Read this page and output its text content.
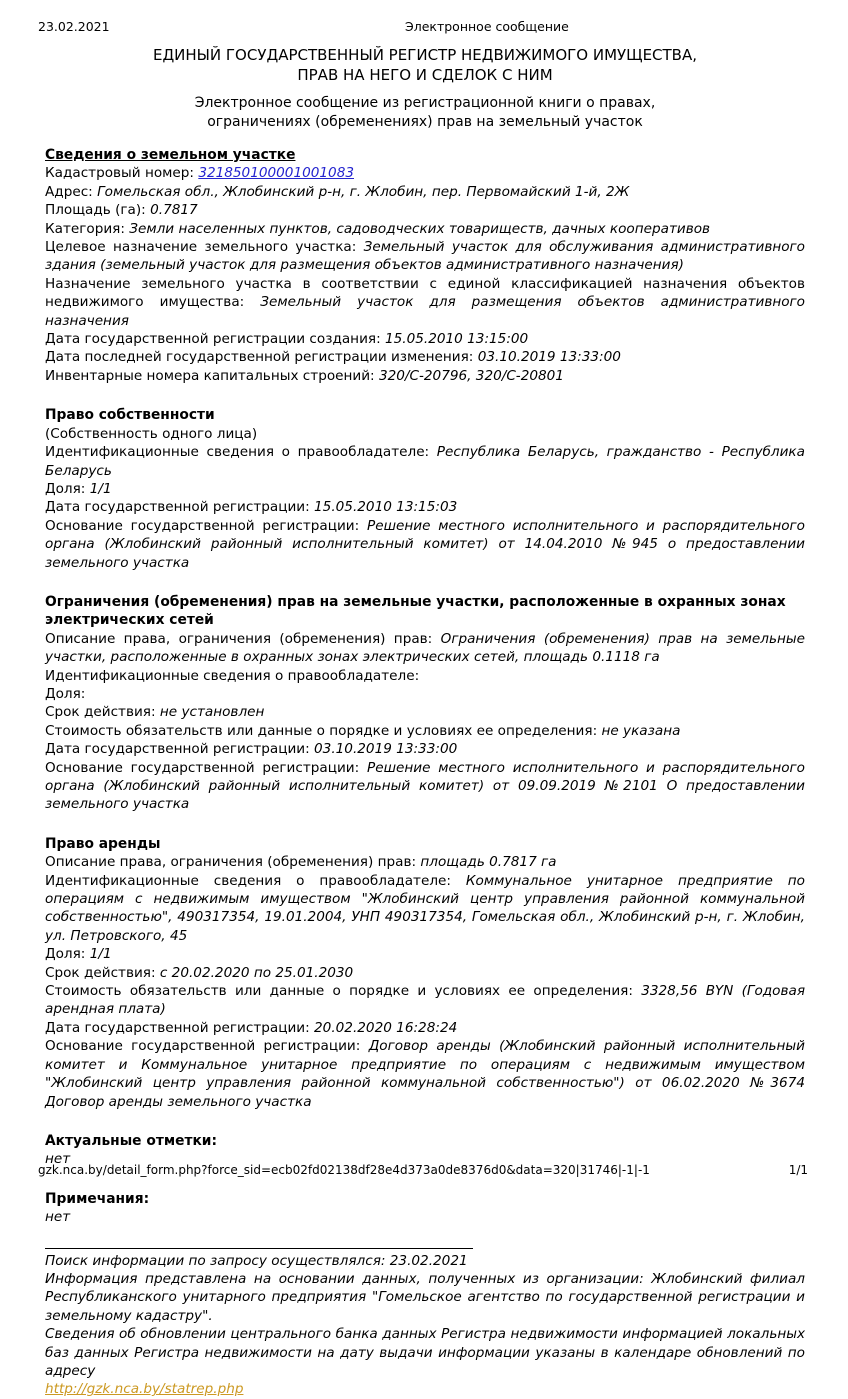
23.02.2021	Электронное сообщение
ЕДИНЫЙ ГОСУДАРСТВЕННЫЙ РЕГИСТР НЕДВИЖИМОГО ИМУЩЕСТВА,
ПРАВ НА НЕГО И СДЕЛОК С НИМ
Электронное сообщение из регистрационной книги о правах,
ограничениях (обременениях) прав на земельный участок
Сведения о земельном участке
Кадастровый номер: 321850100001001083
Адрес: Гомельская обл., Жлобинский р-н, г. Жлобин, пер. Первомайский 1-й, 2Ж
Площадь (га): 0.7817
Категория: Земли населенных пунктов, садоводческих товариществ, дачных кооперативов
Целевое назначение земельного участка: Земельный участок для обслуживания административного здания (земельный участок для размещения объектов административного назначения)
Назначение земельного участка в соответствии с единой классификацией назначения объектов недвижимого имущества: Земельный участок для размещения объектов административного назначения
Дата государственной регистрации создания: 15.05.2010 13:15:00
Дата последней государственной регистрации изменения: 03.10.2019 13:33:00
Инвентарные номера капитальных строений: 320/С-20796, 320/С-20801
Право собственности
(Собственность одного лица)
Идентификационные сведения о правообладателе: Республика Беларусь, гражданство - Республика Беларусь
Доля: 1/1
Дата государственной регистрации: 15.05.2010 13:15:03
Основание государственной регистрации: Решение местного исполнительного и распорядительного органа (Жлобинский районный исполнительный комитет) от 14.04.2010 №945 о предоставлении земельного участка
Ограничения (обременения) прав на земельные участки, расположенные в охранных зонах электрических сетей
Описание права, ограничения (обременения) прав: Ограничения (обременения) прав на земельные участки, расположенные в охранных зонах электрических сетей, площадь 0.1118 га
Идентификационные сведения о правообладателе:
Доля:
Срок действия: не установлен
Стоимость обязательств или данные о порядке и условиях ее определения: не указана
Дата государственной регистрации: 03.10.2019 13:33:00
Основание государственной регистрации: Решение местного исполнительного и распорядительного органа (Жлобинский районный исполнительный комитет) от 09.09.2019 №2101 О предоставлении земельного участка
Право аренды
Описание права, ограничения (обременения) прав: площадь 0.7817 га
Идентификационные сведения о правообладателе: Коммунальное унитарное предприятие по операциям с недвижимым имуществом "Жлобинский центр управления районной коммунальной собственностью", 490317354, 19.01.2004, УНП 490317354, Гомельская обл., Жлобинский р-н, г. Жлобин, ул. Петровского, 45
Доля: 1/1
Срок действия: с 20.02.2020 по 25.01.2030
Стоимость обязательств или данные о порядке и условиях ее определения: 3328,56 BYN (Годовая арендная плата)
Дата государственной регистрации: 20.02.2020 16:28:24
Основание государственной регистрации: Договор аренды (Жлобинский районный исполнительный комитет и Коммунальное унитарное предприятие по операциям с недвижимым имуществом "Жлобинский центр управления районной коммунальной собственностью") от 06.02.2020 №3674 Договор аренды земельного участка
Актуальные отметки:
нет
Примечания:
нет
Поиск информации по запросу осуществлялся: 23.02.2021
Информация представлена на основании данных, полученных из организации: Жлобинский филиал Республиканского унитарного предприятия "Гомельское агентство по государственной регистрации и земельному кадастру".
Сведения об обновлении центрального банка данных Регистра недвижимости информацией локальных баз данных Регистра недвижимости на дату выдачи информации указаны в календаре обновлений по адресу
http://gzk.nca.by/statrep.php
gzk.nca.by/detail_form.php?force_sid=ecb02fd02138df28e4d373a0de8376d0&data=320|31746|-1|-1	1/1
